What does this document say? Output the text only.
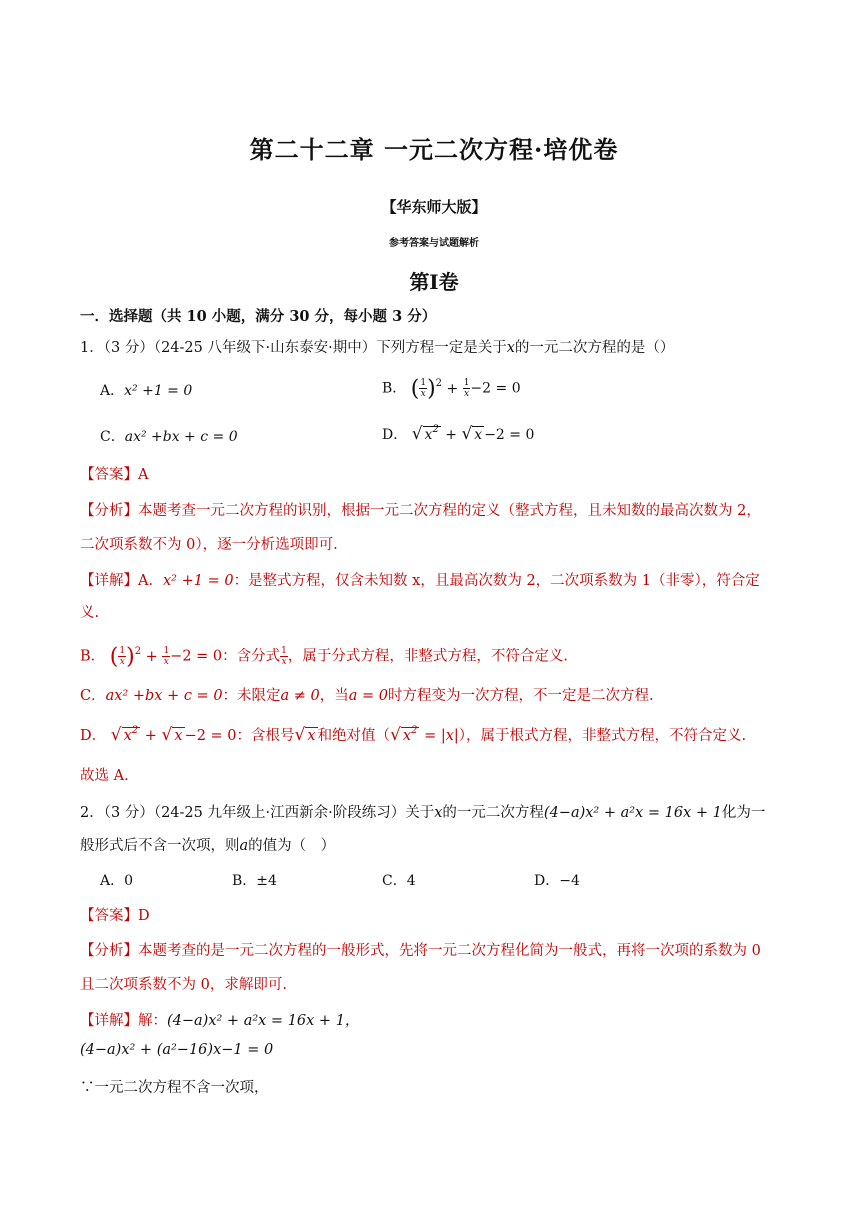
第二十二章 一元二次方程·培优卷
【华东师大版】
参考答案与试题解析
第Ⅰ卷
一．选择题（共 10 小题，满分 30 分，每小题 3 分）
1．（3 分）（24-25 八年级下·山东泰安·期中）下列方程一定是关于x的一元二次方程的是（）
A．x² +1 = 0	B． ( $\frac{1}{x} )^2 + \frac{1}{x} -2 = 0$
C．ax² +bx + c = 0	D． √ $x^2$ + √ x −2 = 0
【答案】A
【分析】本题考查一元二次方程的识别，根据一元二次方程的定义（整式方程，且未知数的最高次数为 2，
二次项系数不为 0），逐一分析选项即可.
【详解】A．x² +1 = 0：是整式方程，仅含未知数 x，且最高次数为 2，二次项系数为 1（非零），符合定
义.
B． ( $\frac{1}{x} )^2 + \frac{1}{x} -2 = 0$：含分式 $\frac{1}{x}$ ，属于分式方程，非整式方程，不符合定义.
C．ax² +bx + c = 0：未限定a ≠ 0，当a = 0时方程变为一次方程，不一定是二次方程.
D． √ $x^2$ + √ x −2 = 0：含根号√ x 和绝对值（√ $x^2 = |x|$），属于根式方程，非整式方程，不符合定义.
故选 A.
2．（3 分）（24-25 九年级上·江西新余·阶段练习）关于x的一元二次方程(4−a)x² + a²x = 16x + 1化为一
般形式后不含一次项，则a的值为（　）
A．0	B．±4	C．4	D．−4
【答案】D
【分析】本题考查的是一元二次方程的一般形式，先将一元二次方程化简为一般式，再将一次项的系数为 0
且二次项系数不为 0，求解即可.
【详解】解：(4−a)x² + a²x = 16x + 1，
(4−a)x² + (a²−16)x−1 = 0
∵一元二次方程不含一次项，
